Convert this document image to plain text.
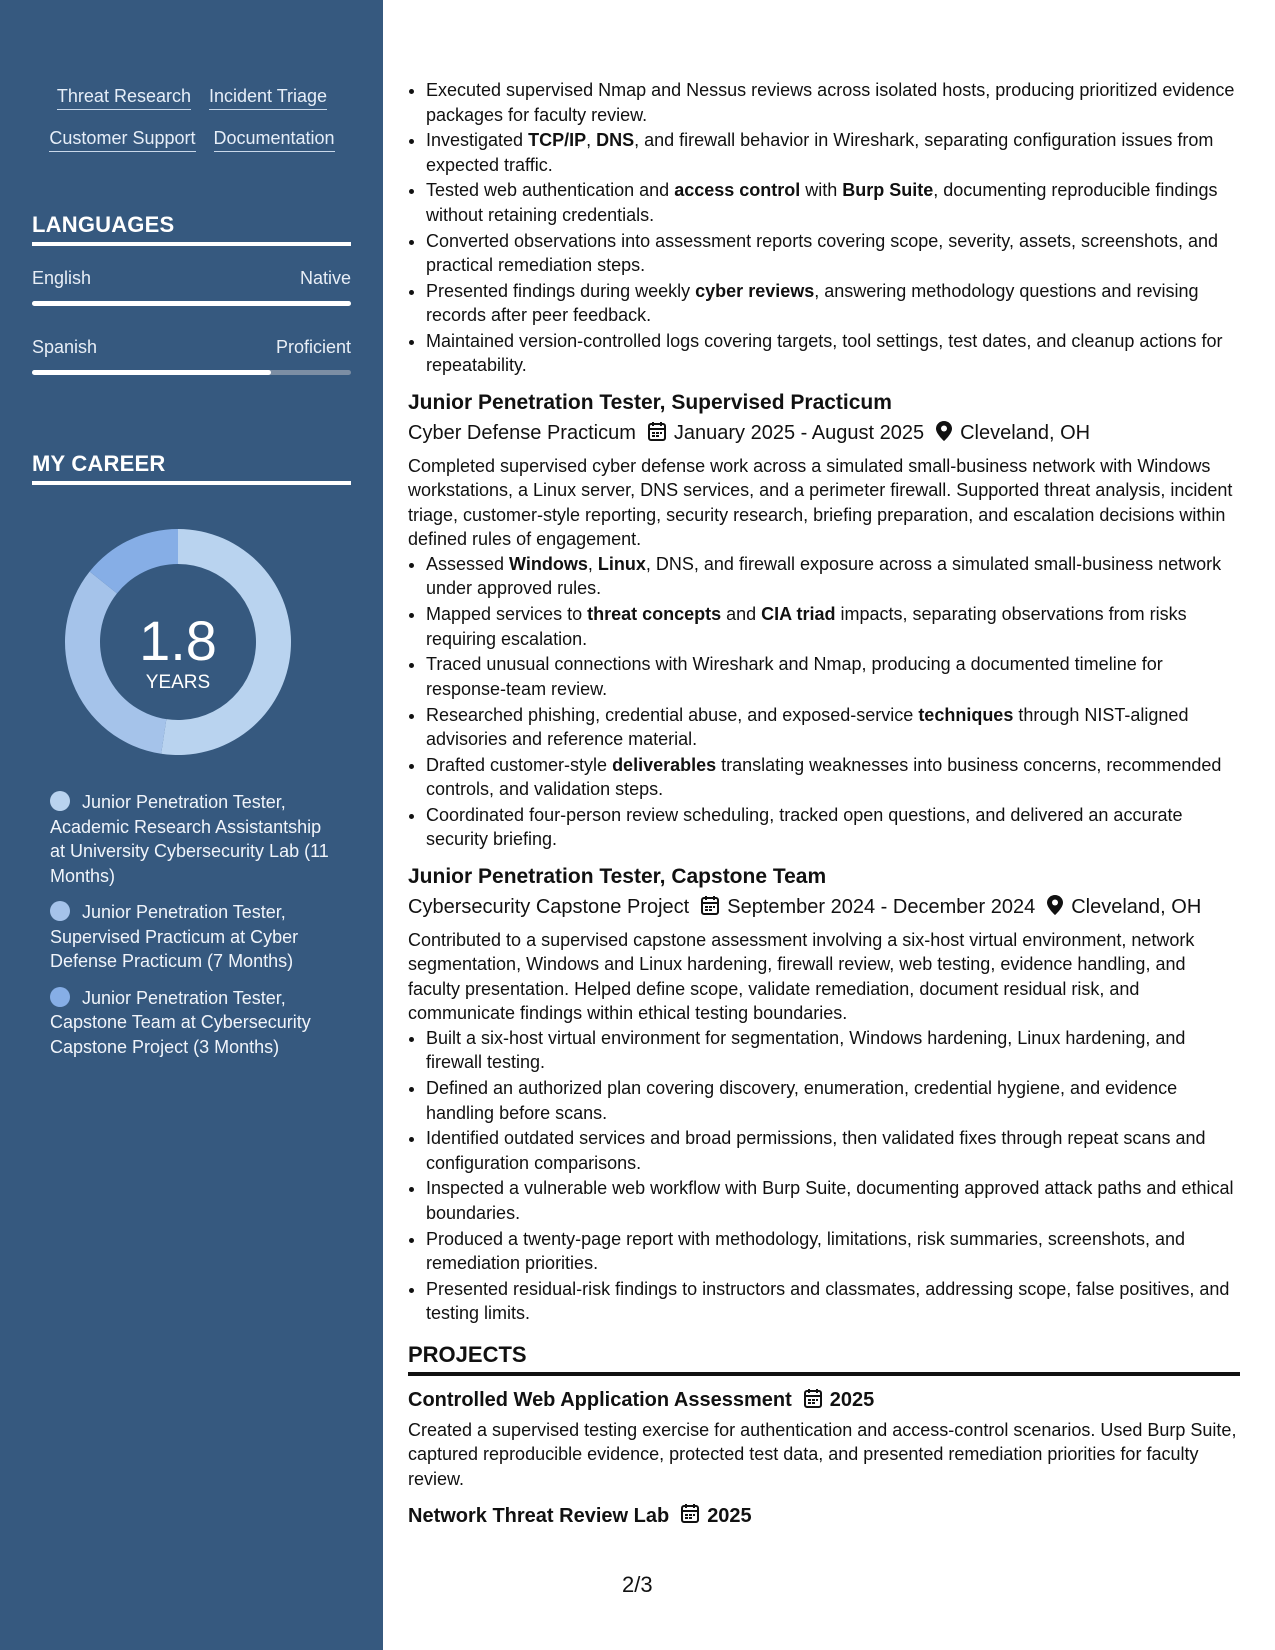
Threat Research Incident Triage
Customer Support Documentation
LANGUAGES
English	Native
Spanish	Proficient
MY CAREER
1.8
YEARS
Junior Penetration Tester, Academic Research Assistantship at University Cybersecurity Lab (11 Months)
Junior Penetration Tester, Supervised Practicum at Cyber Defense Practicum (7 Months)
Junior Penetration Tester, Capstone Team at Cybersecurity Capstone Project (3 Months)
• Executed supervised Nmap and Nessus reviews across isolated hosts, producing prioritized evidence packages for faculty review.
• Investigated TCP/IP, DNS, and firewall behavior in Wireshark, separating configuration issues from expected traffic.
• Tested web authentication and access control with Burp Suite, documenting reproducible findings without retaining credentials.
• Converted observations into assessment reports covering scope, severity, assets, screenshots, and practical remediation steps.
• Presented findings during weekly cyber reviews, answering methodology questions and revising records after peer feedback.
• Maintained version-controlled logs covering targets, tool settings, test dates, and cleanup actions for repeatability.
Junior Penetration Tester, Supervised Practicum
Cyber Defense Practicum January 2025 - August 2025 Cleveland, OH
Completed supervised cyber defense work across a simulated small-business network with Windows workstations, a Linux server, DNS services, and a perimeter firewall. Supported threat analysis, incident triage, customer-style reporting, security research, briefing preparation, and escalation decisions within defined rules of engagement.
• Assessed Windows, Linux, DNS, and firewall exposure across a simulated small-business network under approved rules.
• Mapped services to threat concepts and CIA triad impacts, separating observations from risks requiring escalation.
• Traced unusual connections with Wireshark and Nmap, producing a documented timeline for response-team review.
• Researched phishing, credential abuse, and exposed-service techniques through NIST-aligned advisories and reference material.
• Drafted customer-style deliverables translating weaknesses into business concerns, recommended controls, and validation steps.
• Coordinated four-person review scheduling, tracked open questions, and delivered an accurate security briefing.
Junior Penetration Tester, Capstone Team
Cybersecurity Capstone Project September 2024 - December 2024 Cleveland, OH
Contributed to a supervised capstone assessment involving a six-host virtual environment, network segmentation, Windows and Linux hardening, firewall review, web testing, evidence handling, and faculty presentation. Helped define scope, validate remediation, document residual risk, and communicate findings within ethical testing boundaries.
• Built a six-host virtual environment for segmentation, Windows hardening, Linux hardening, and firewall testing.
• Defined an authorized plan covering discovery, enumeration, credential hygiene, and evidence handling before scans.
• Identified outdated services and broad permissions, then validated fixes through repeat scans and configuration comparisons.
• Inspected a vulnerable web workflow with Burp Suite, documenting approved attack paths and ethical boundaries.
• Produced a twenty-page report with methodology, limitations, risk summaries, screenshots, and remediation priorities.
• Presented residual-risk findings to instructors and classmates, addressing scope, false positives, and testing limits.
PROJECTS
Controlled Web Application Assessment 2025
Created a supervised testing exercise for authentication and access-control scenarios. Used Burp Suite, captured reproducible evidence, protected test data, and presented remediation priorities for faculty review.
Network Threat Review Lab 2025
2/3
